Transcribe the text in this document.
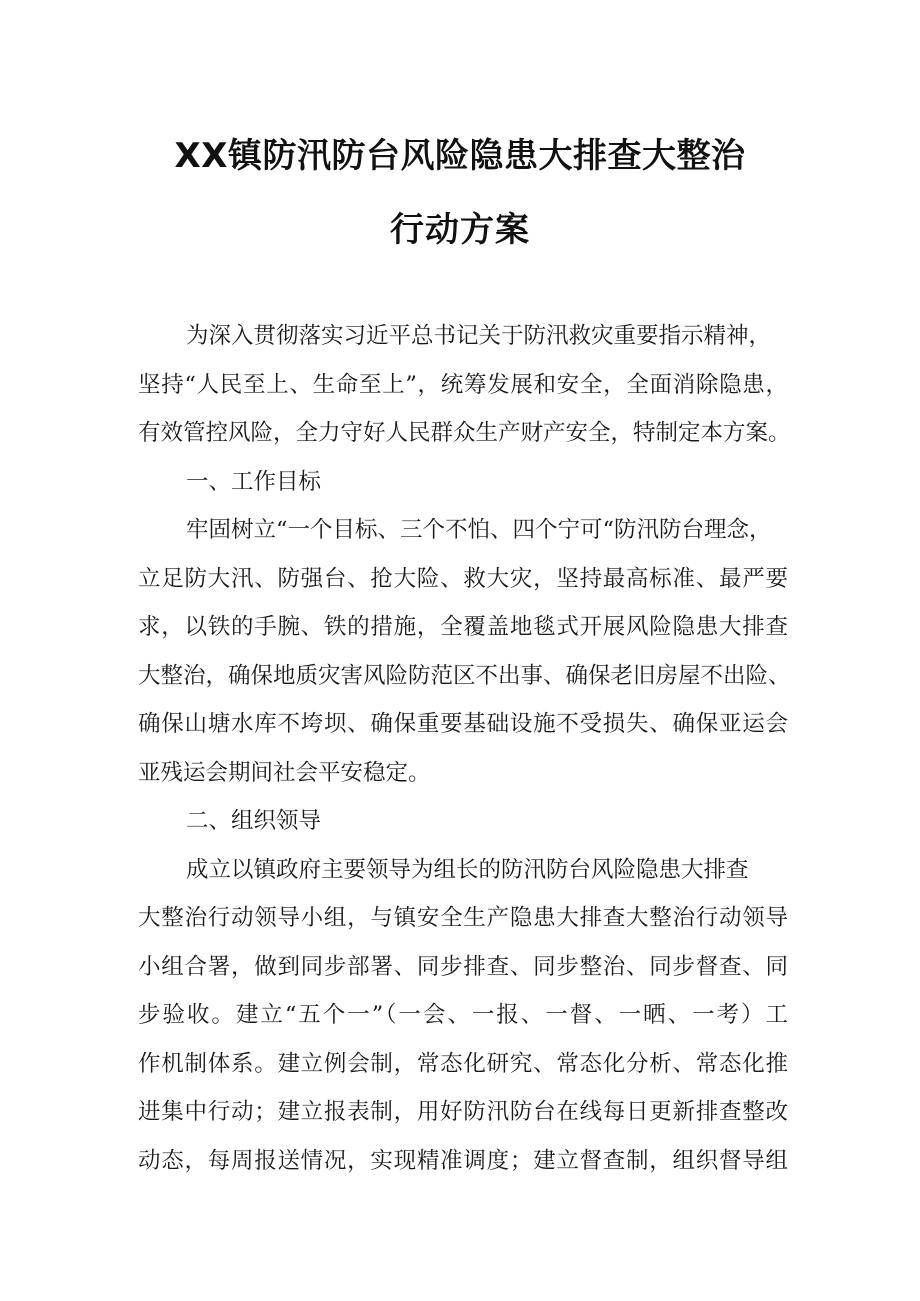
XX镇防汛防台风险隐患大排查大整治
行动方案
为深入贯彻落实习近平总书记关于防汛救灾重要指示精神，
坚持“人民至上、生命至上”，统筹发展和安全，全面消除隐患，
有效管控风险，全力守好人民群众生产财产安全，特制定本方案。
一、工作目标
牢固树立“一个目标、三个不怕、四个宁可“防汛防台理念，
立足防大汛、防强台、抢大险、救大灾，坚持最高标准、最严要
求，以铁的手腕、铁的措施，全覆盖地毯式开展风险隐患大排查
大整治，确保地质灾害风险防范区不出事、确保老旧房屋不出险、
确保山塘水库不垮坝、确保重要基础设施不受损失、确保亚运会
亚残运会期间社会平安稳定。
二、组织领导
成立以镇政府主要领导为组长的防汛防台风险隐患大排查
大整治行动领导小组，与镇安全生产隐患大排查大整治行动领导
小组合署，做到同步部署、同步排查、同步整治、同步督查、同
步验收。建立“五个一”（一会、一报、一督、一晒、一考）工
作机制体系。建立例会制，常态化研究、常态化分析、常态化推
进集中行动；建立报表制，用好防汛防台在线每日更新排查整改
动态，每周报送情况，实现精准调度；建立督查制，组织督导组
